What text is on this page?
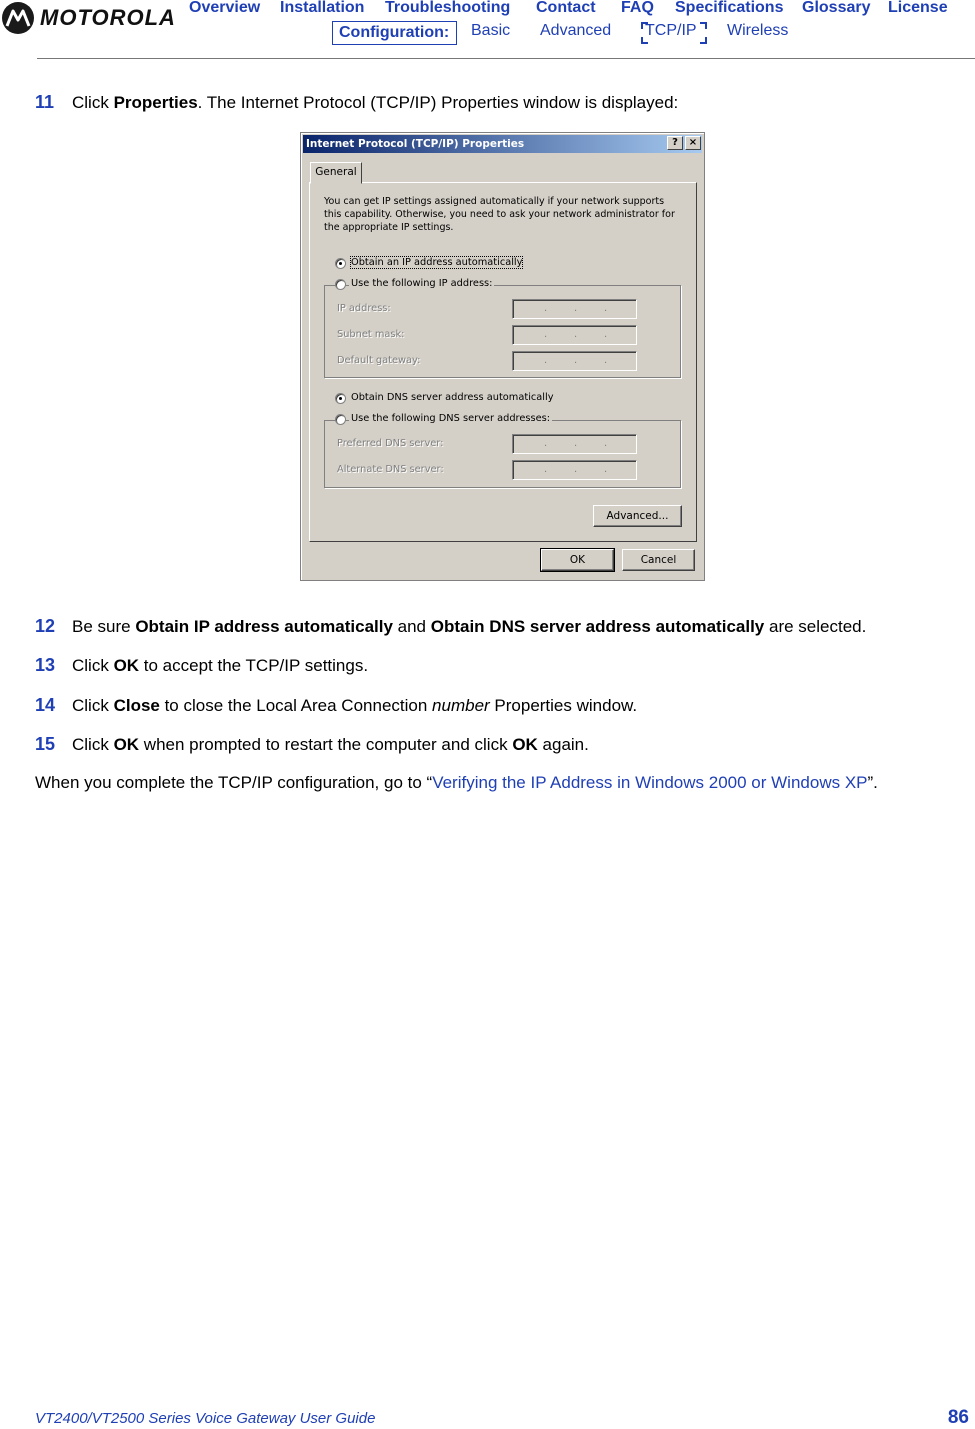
MOTOROLA Overview Installation Troubleshooting Contact FAQ Specifications Glossary License
Configuration:	Basic Advanced TCP/IP Wireless
11 Click Properties. The Internet Protocol (TCP/IP) Properties window is displayed:
Internet Protocol (TCP/IP) Properties	?	×
General
You can get IP settings assigned automatically if your network supports this capability. Otherwise, you need to ask your network administrator for the appropriate IP settings.
Obtain an IP address automatically
Use the following IP address:
IP address:	.	.	.
Subnet mask:	.	.	.
Default gateway:	.	.	.
Obtain DNS server address automatically
Use the following DNS server addresses:
Preferred DNS server:	.	.	.
Alternate DNS server:	.	.	.
Advanced...
OK	Cancel
12 Be sure Obtain IP address automatically and Obtain DNS server address automatically are selected.
13 Click OK to accept the TCP/IP settings.
14 Click Close to close the Local Area Connection number Properties window.
15 Click OK when prompted to restart the computer and click OK again.
When you complete the TCP/IP configuration, go to “Verifying the IP Address in Windows 2000 or Windows XP”.
VT2400/VT2500 Series Voice Gateway User Guide	86
